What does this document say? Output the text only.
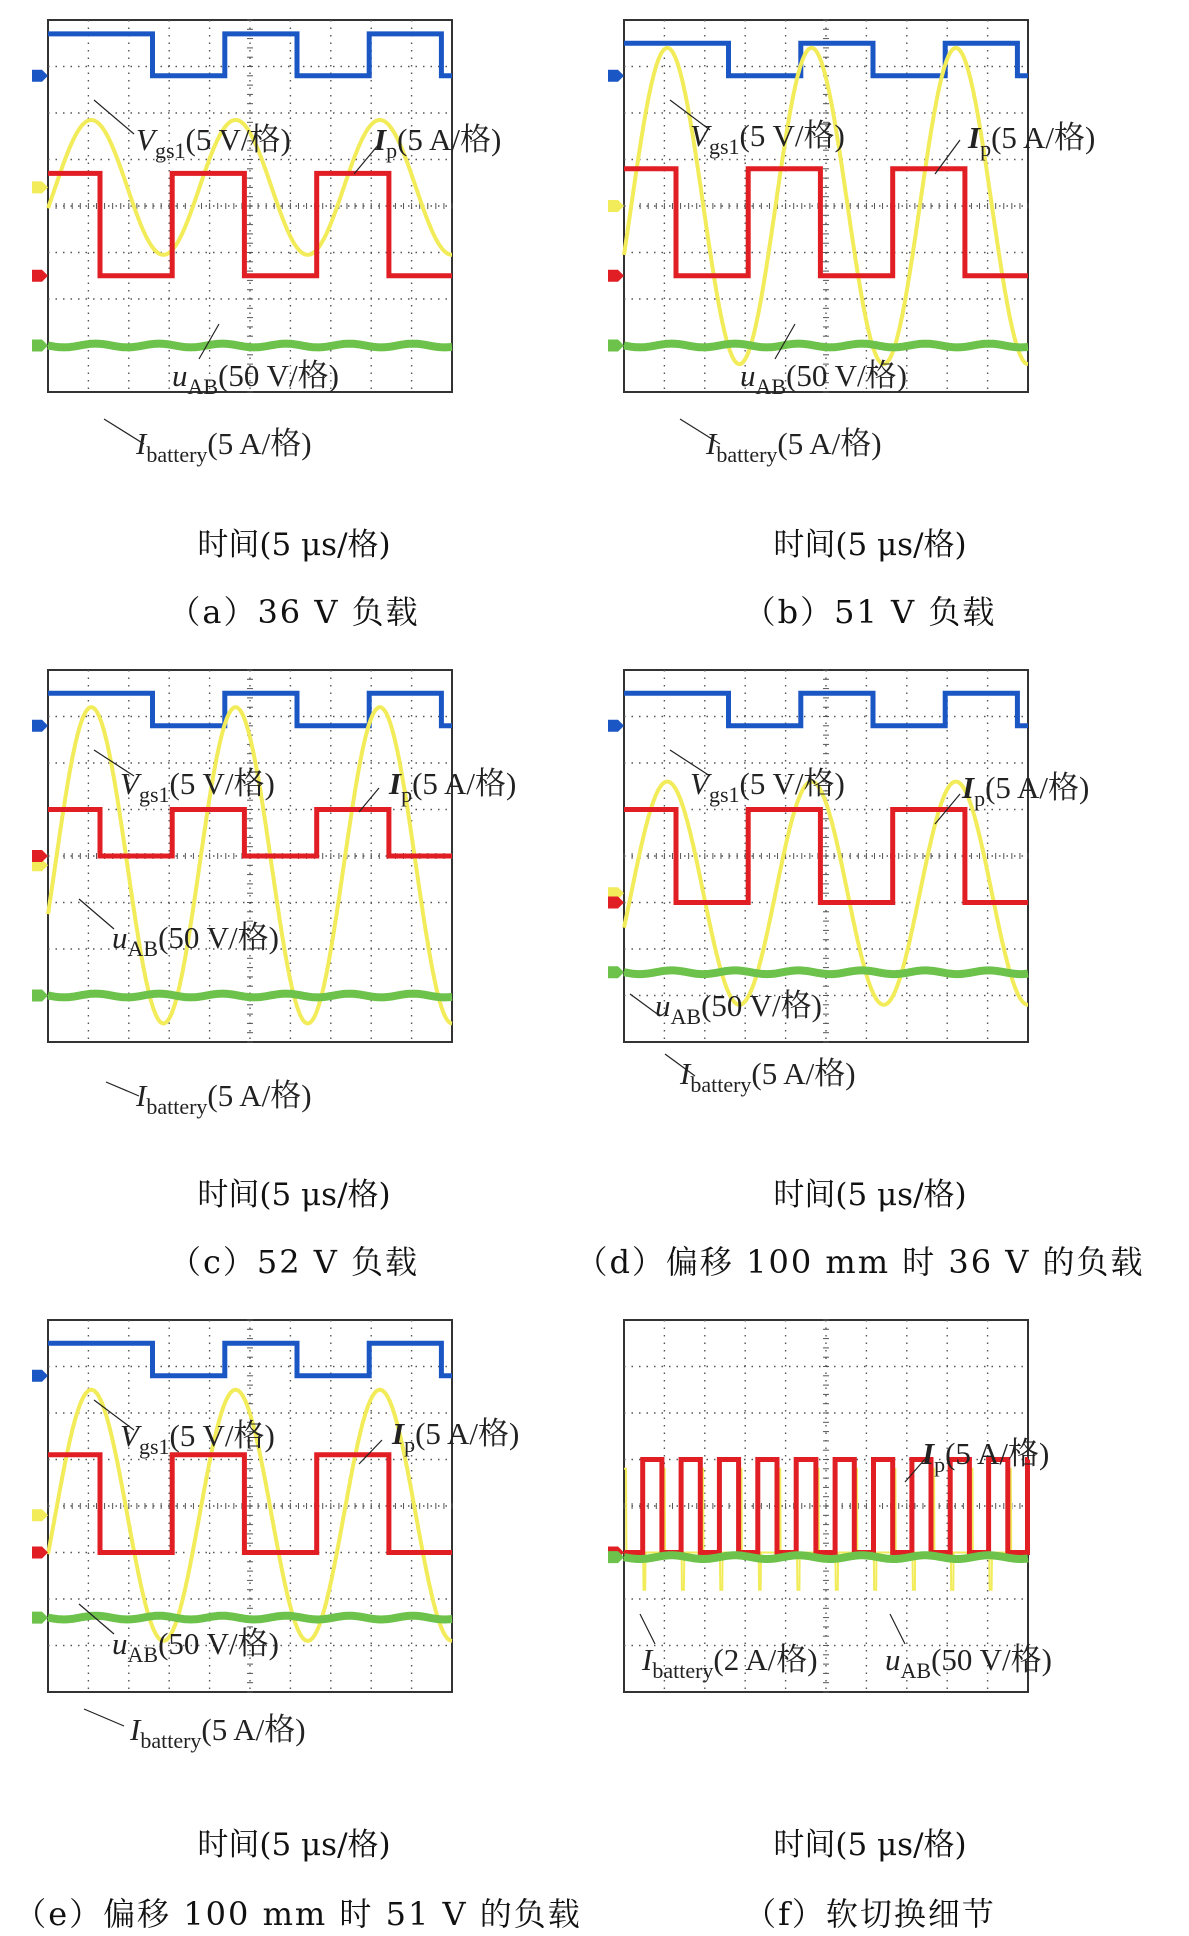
$V_{gs1}(5$ V/格)	$I_p(5$ A/格)
$u_{AB}(50$ V/格)
$I_{battery}(5$ A/格)
时间(5 μs/格)
（a）36 V 负载
$V_{gs1}(5$ V/格)	$I_p(5$ A/格)
$u_{AB}(50$ V/格)
$I_{battery}(5$ A/格)
时间(5 μs/格)
（b）51 V 负载
$V_{gs1}(5$ V/格)	$I_p(5$ A/格)
$u_{AB}(50$ V/格)
$I_{battery}(5$ A/格)
时间(5 μs/格)
（c）52 V 负载
$V_{gs1}(5$ V/格)	$I_p(5$ A/格)
$u_{AB}(50$ V/格)
$I_{battery}(5$ A/格)
时间(5 μs/格)
（d）偏移 100 mm 时 36 V 的负载
$V_{gs1}(5$ V/格)	$I_p(5$ A/格)
$u_{AB}(50$ V/格)
$I_{battery}(5$ A/格)
时间(5 μs/格)
（e）偏移 100 mm 时 51 V 的负载
$I_p(5$ A/格)
$I_{battery}(2$ A/格) $u_{AB}(50$ V/格)
时间(5 μs/格)
（f）软切换细节
